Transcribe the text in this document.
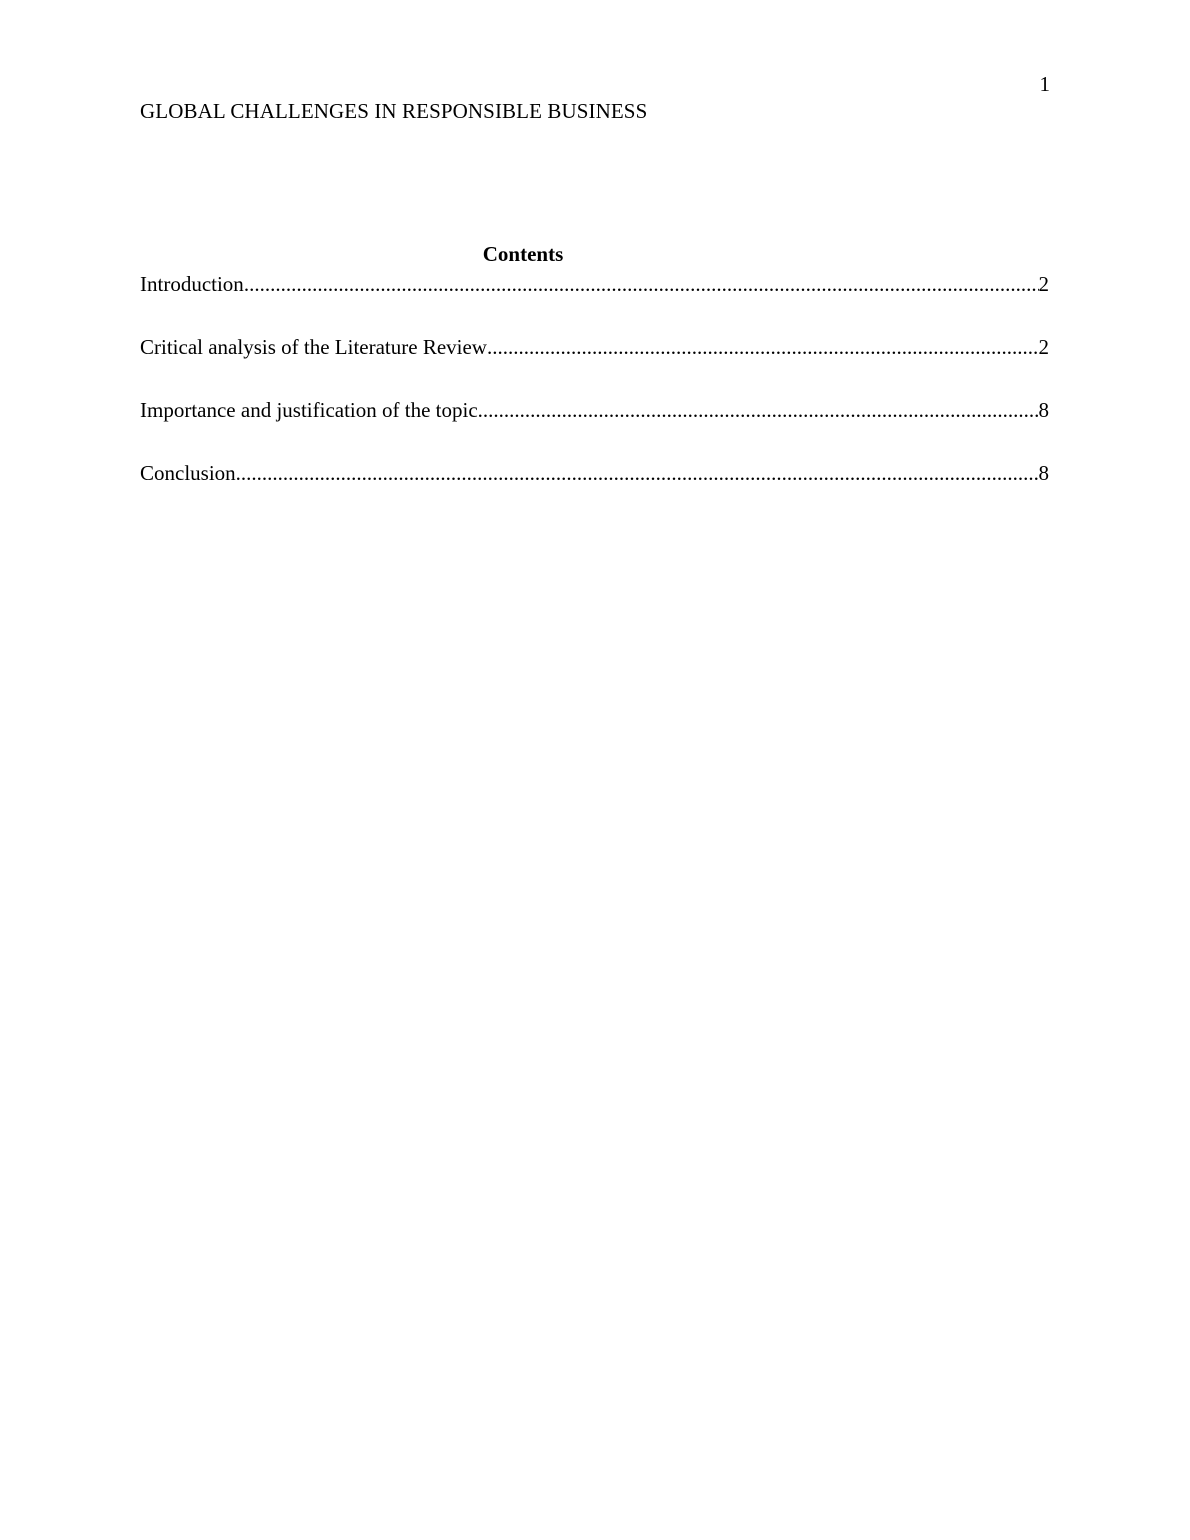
1
GLOBAL CHALLENGES IN RESPONSIBLE BUSINESS
Contents
Introduction .....	2
Critical analysis of the Literature Review .....	2
Importance and justification of the topic .....	8
Conclusion .....	8
